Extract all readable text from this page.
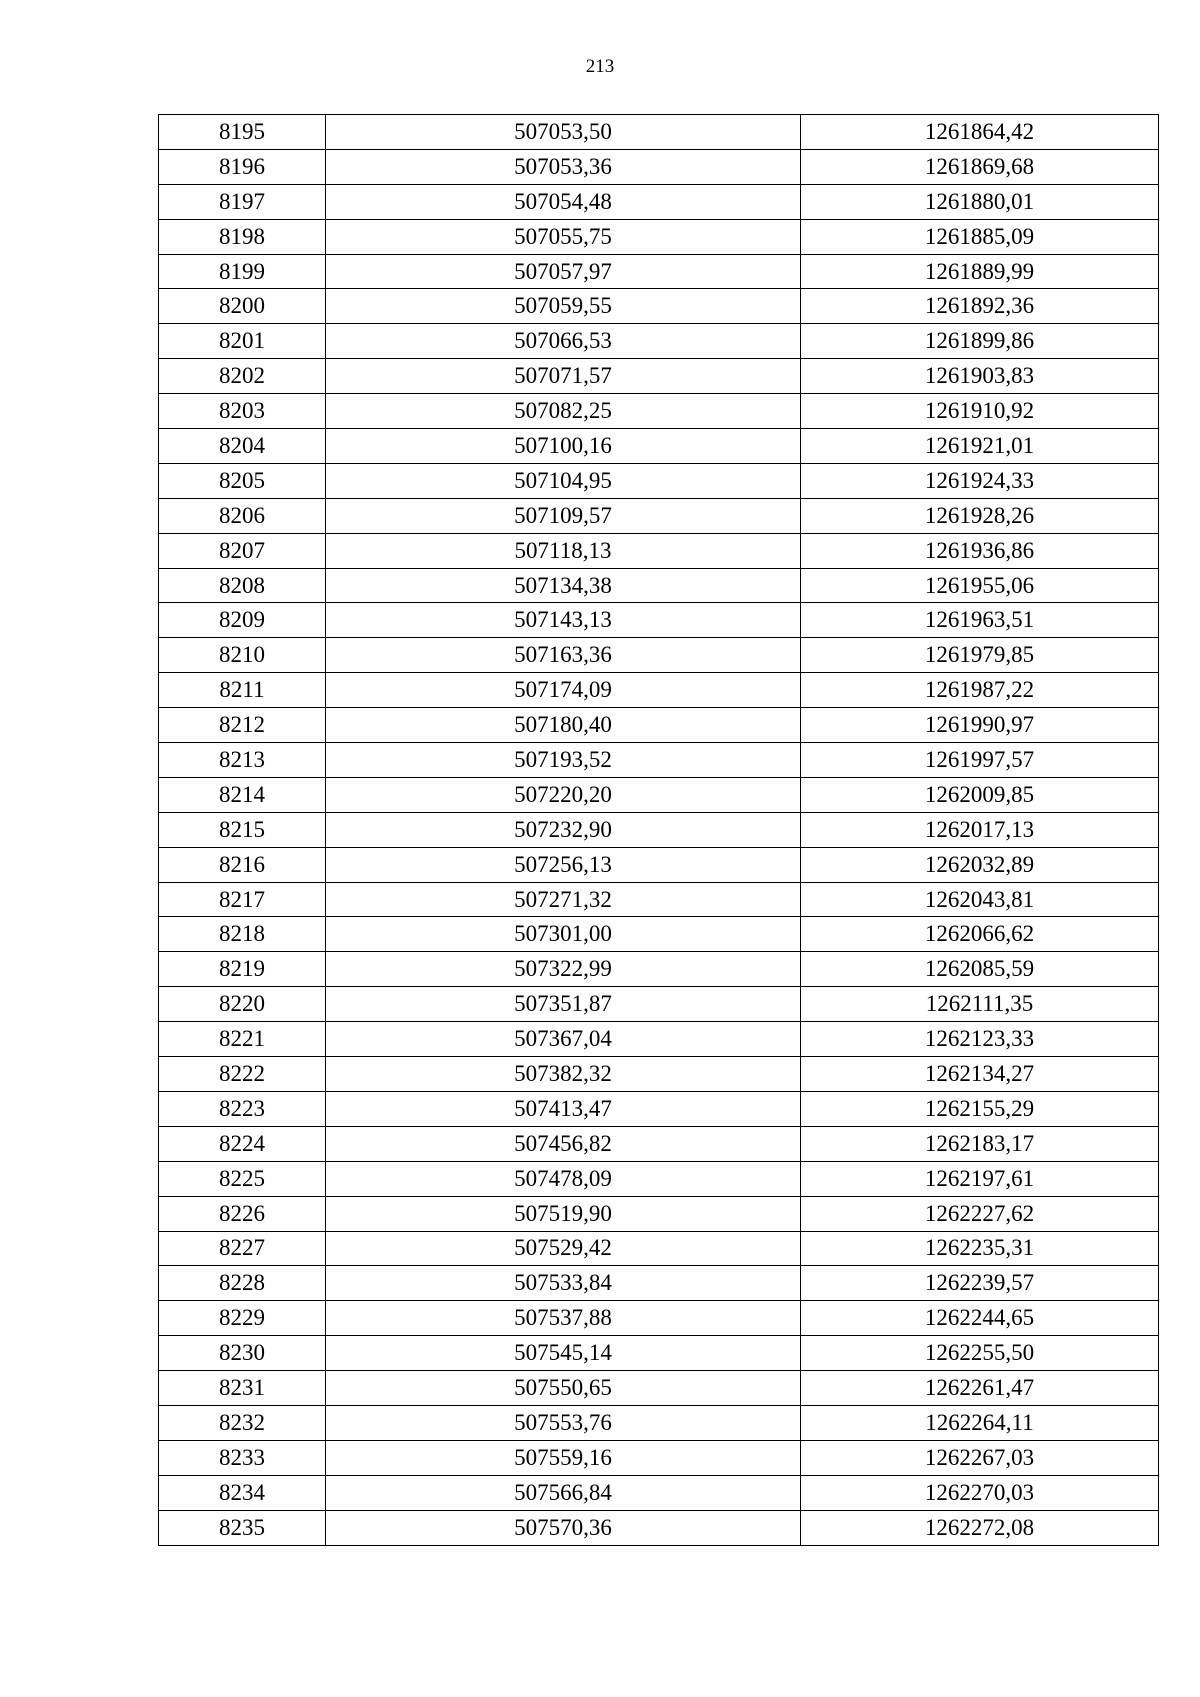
213
8195	507053,50	1261864,42
8196	507053,36	1261869,68
8197	507054,48	1261880,01
8198	507055,75	1261885,09
8199	507057,97	1261889,99
8200	507059,55	1261892,36
8201	507066,53	1261899,86
8202	507071,57	1261903,83
8203	507082,25	1261910,92
8204	507100,16	1261921,01
8205	507104,95	1261924,33
8206	507109,57	1261928,26
8207	507118,13	1261936,86
8208	507134,38	1261955,06
8209	507143,13	1261963,51
8210	507163,36	1261979,85
8211	507174,09	1261987,22
8212	507180,40	1261990,97
8213	507193,52	1261997,57
8214	507220,20	1262009,85
8215	507232,90	1262017,13
8216	507256,13	1262032,89
8217	507271,32	1262043,81
8218	507301,00	1262066,62
8219	507322,99	1262085,59
8220	507351,87	1262111,35
8221	507367,04	1262123,33
8222	507382,32	1262134,27
8223	507413,47	1262155,29
8224	507456,82	1262183,17
8225	507478,09	1262197,61
8226	507519,90	1262227,62
8227	507529,42	1262235,31
8228	507533,84	1262239,57
8229	507537,88	1262244,65
8230	507545,14	1262255,50
8231	507550,65	1262261,47
8232	507553,76	1262264,11
8233	507559,16	1262267,03
8234	507566,84	1262270,03
8235	507570,36	1262272,08
